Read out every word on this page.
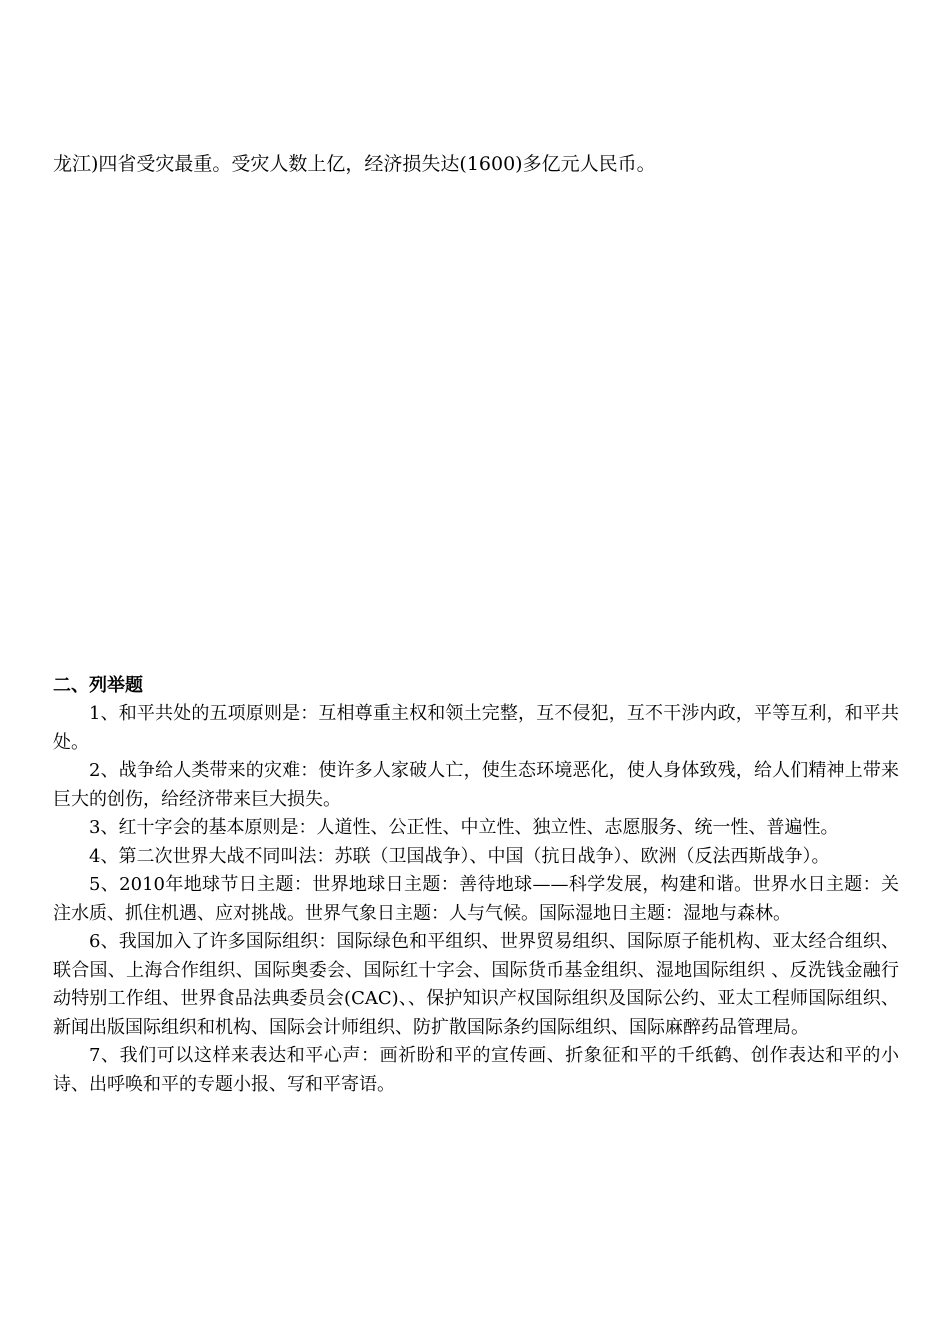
龙江)四省受灾最重。受灾人数上亿，经济损失达(1600)多亿元人民币。

二、列举题

1、和平共处的五项原则是：互相尊重主权和领土完整，互不侵犯，互不干涉内政，平等互利，和平共处。

2、战争给人类带来的灾难：使许多人家破人亡，使生态环境恶化，使人身体致残，给人们精神上带来巨大的创伤，给经济带来巨大损失。

3、红十字会的基本原则是：人道性、公正性、中立性、独立性、志愿服务、统一性、普遍性。

4、第二次世界大战不同叫法：苏联（卫国战争）、中国（抗日战争）、欧洲（反法西斯战争）。

5、2010年地球节日主题：世界地球日主题：善待地球——科学发展，构建和谐。世界水日主题：关注水质、抓住机遇、应对挑战。世界气象日主题：人与气候。国际湿地日主题：湿地与森林。

6、我国加入了许多国际组织：国际绿色和平组织、世界贸易组织、国际原子能机构、亚太经合组织、联合国、上海合作组织、国际奥委会、国际红十字会、国际货币基金组织、湿地国际组织 、反洗钱金融行动特别工作组、世界食品法典委员会(CAC)、、保护知识产权国际组织及国际公约、亚太工程师国际组织、新闻出版国际组织和机构、国际会计师组织、防扩散国际条约国际组织、国际麻醉药品管理局。

7、我们可以这样来表达和平心声：画祈盼和平的宣传画、折象征和平的千纸鹤、创作表达和平的小诗、出呼唤和平的专题小报、写和平寄语。
